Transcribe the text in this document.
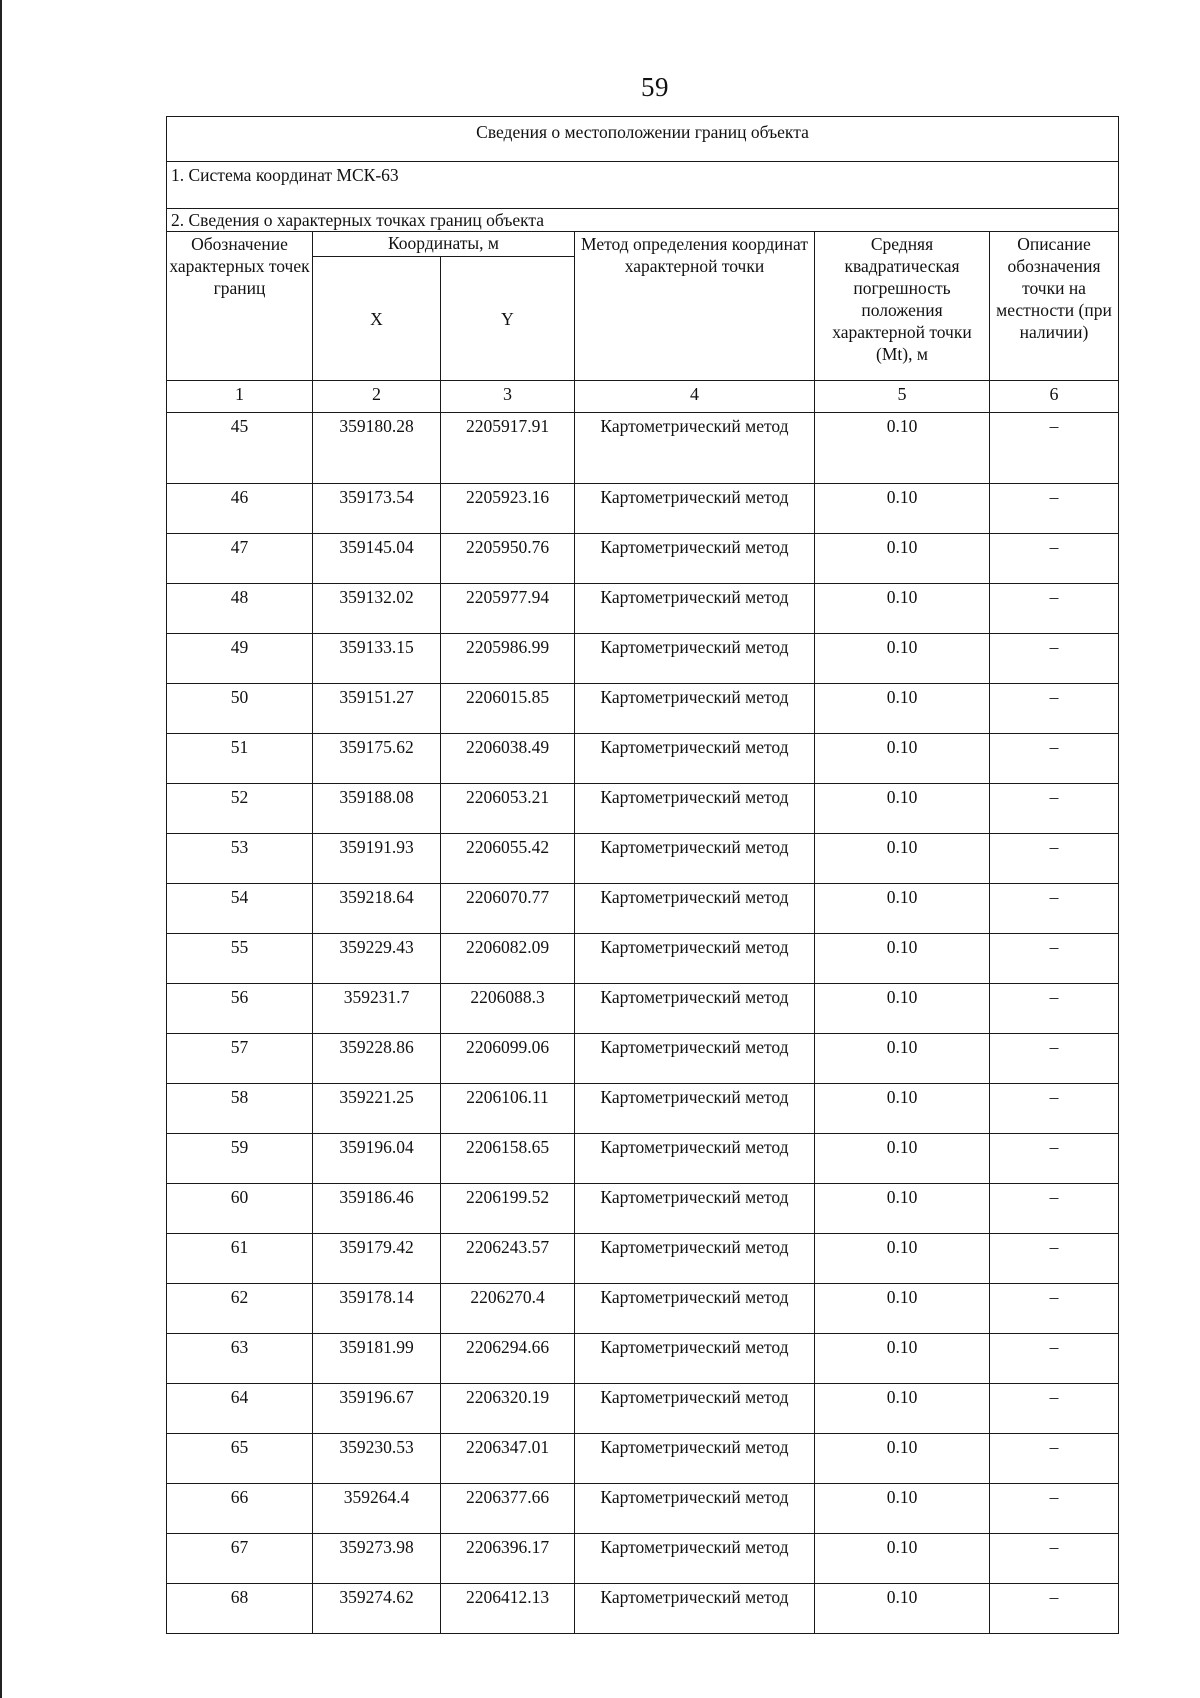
59
Сведения о местоположении границ объекта					
1. Система координат МСК-63					
2. Сведения о характерных точках границ объекта					
Обозначение характерных точек границ	Координаты, м		Метод определения координат характерной точки	Средняя квадратическая погрешность положения характерной точки (Mt), м	Описание обозначения точки на местности (при наличии)
	X	Y			
1	2	3	4	5	6
45	359180.28	2205917.91	Картометрический метод	0.10	–
46	359173.54	2205923.16	Картометрический метод	0.10	–
47	359145.04	2205950.76	Картометрический метод	0.10	–
48	359132.02	2205977.94	Картометрический метод	0.10	–
49	359133.15	2205986.99	Картометрический метод	0.10	–
50	359151.27	2206015.85	Картометрический метод	0.10	–
51	359175.62	2206038.49	Картометрический метод	0.10	–
52	359188.08	2206053.21	Картометрический метод	0.10	–
53	359191.93	2206055.42	Картометрический метод	0.10	–
54	359218.64	2206070.77	Картометрический метод	0.10	–
55	359229.43	2206082.09	Картометрический метод	0.10	–
56	359231.7	2206088.3	Картометрический метод	0.10	–
57	359228.86	2206099.06	Картометрический метод	0.10	–
58	359221.25	2206106.11	Картометрический метод	0.10	–
59	359196.04	2206158.65	Картометрический метод	0.10	–
60	359186.46	2206199.52	Картометрический метод	0.10	–
61	359179.42	2206243.57	Картометрический метод	0.10	–
62	359178.14	2206270.4	Картометрический метод	0.10	–
63	359181.99	2206294.66	Картометрический метод	0.10	–
64	359196.67	2206320.19	Картометрический метод	0.10	–
65	359230.53	2206347.01	Картометрический метод	0.10	–
66	359264.4	2206377.66	Картометрический метод	0.10	–
67	359273.98	2206396.17	Картометрический метод	0.10	–
68	359274.62	2206412.13	Картометрический метод	0.10	–
